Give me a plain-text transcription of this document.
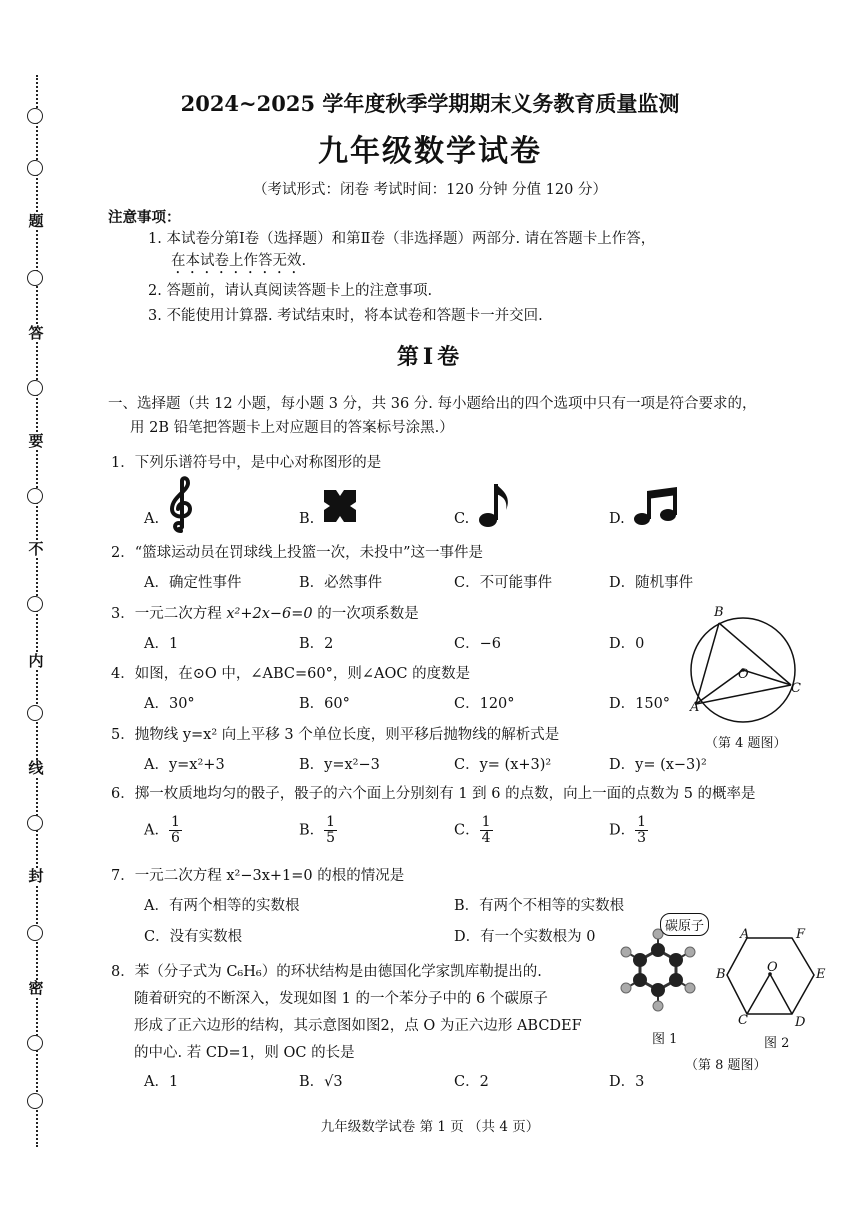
题
答
要
不
内
线
封
密
2024~2025 学年度秋季学期期末义务教育质量监测
九年级数学试卷
（考试形式：闭卷 考试时间：120 分钟 分值 120 分）
注意事项：
1. 本试卷分第Ⅰ卷（选择题）和第Ⅱ卷（非选择题）两部分. 请在答题卡上作答，
在本试卷上作答无效.
2. 答题前，请认真阅读答题卡上的注意事项.
3. 不能使用计算器. 考试结束时，将本试卷和答题卡一并交回.
第Ⅰ卷
一、选择题（共 12 小题，每小题 3 分，共 36 分. 每小题给出的四个选项中只有一项是符合要求的，
用 2B 铅笔把答题卡上对应题目的答案标号涂黑.）
1．下列乐谱符号中，是中心对称图形的是
A.	B.	C.	D.
2．“篮球运动员在罚球线上投篮一次，未投中”这一事件是
A．确定性事件	B．必然事件	C．不可能事件	D．随机事件
3．一元二次方程 x²+2x−6=0 的一次项系数是
A．1	B．2	C．−6	D．0
4．如图，在⊙O 中，∠ABC=60°，则∠AOC 的度数是
A．30°	B．60°	C．120°	D．150°
B
O
C
A
（第 4 题图）
5．抛物线 y=x² 向上平移 3 个单位长度，则平移后抛物线的解析式是
A．y=x²+3	B．y=x²−3	C．y= (x+3)²	D．y= (x−3)²
6．掷一枚质地均匀的骰子，骰子的六个面上分别刻有 1 到 6 的点数，向上一面的点数为 5 的概率是
A． $\frac{1}{6}$	B． $\frac{1}{5}$	C． $\frac{1}{4}$	D． $\frac{1}{3}$
7．一元二次方程 x²−3x+1=0 的根的情况是
A．有两个相等的实数根	B．有两个不相等的实数根
C．没有实数根	D．有一个实数根为 0
8．苯（分子式为 C₆H₆）的环状结构是由德国化学家凯库勒提出的.
随着研究的不断深入，发现如图 1 的一个苯分子中的 6 个碳原子
形成了正六边形的结构，其示意图如图2，点 O 为正六边形 ABCDEF
的中心. 若 CD=1，则 OC 的长是
A．1	B．√3	C．2	D．3
碳原子
图 1
A	F
B	O	E
C	D
图 2
（第 8 题图）
九年级数学试卷 第 1 页 （共 4 页）
